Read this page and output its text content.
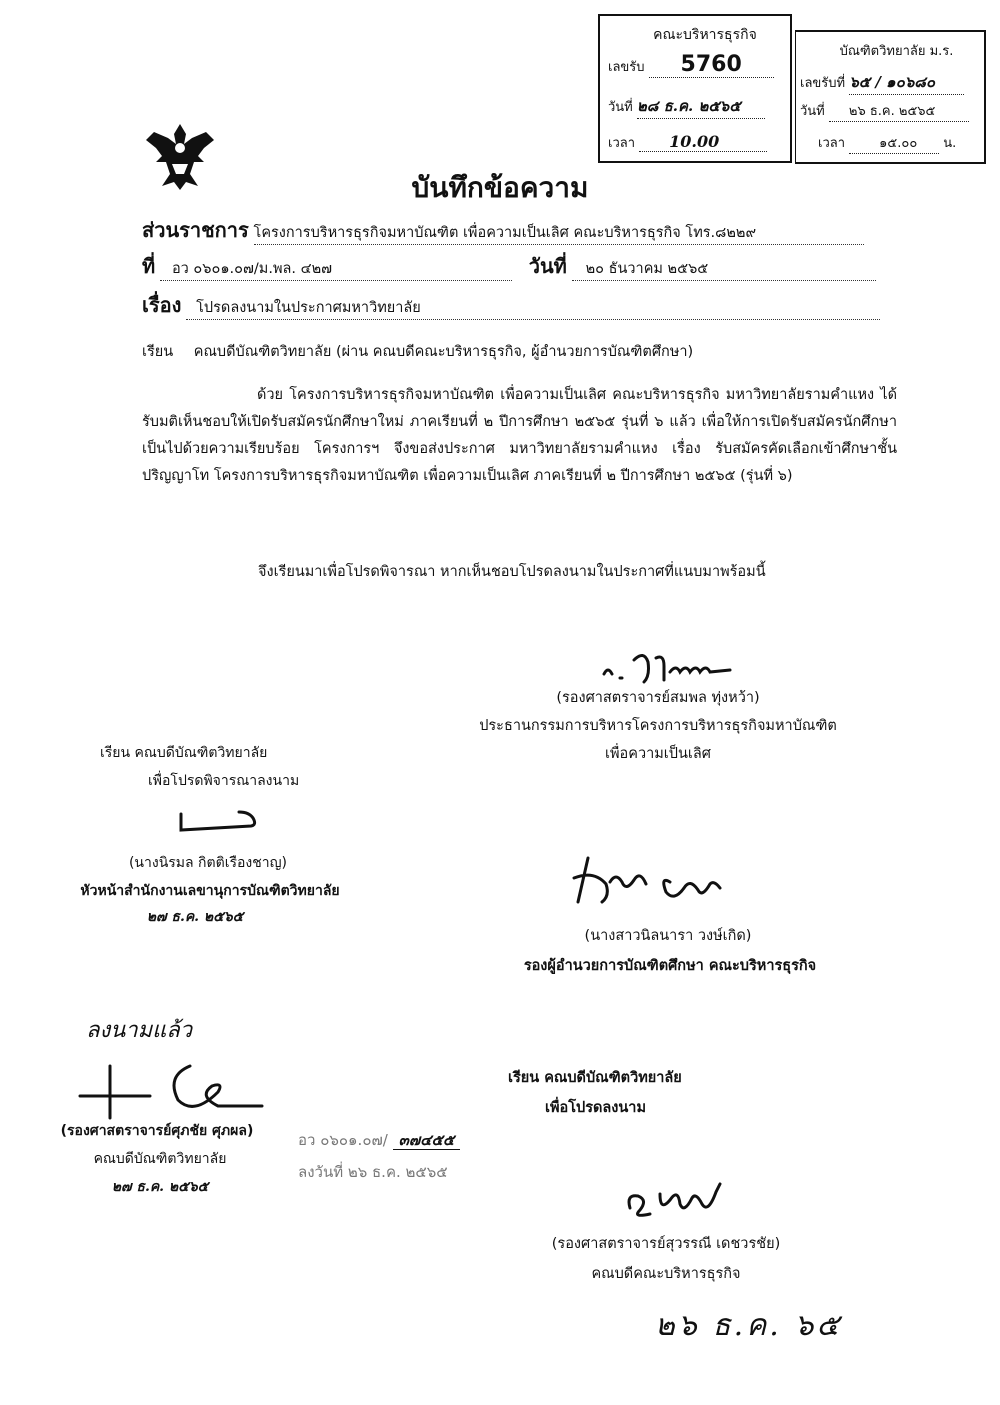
คณะบริหารธุรกิจ
เลขรับ 5760
วันที่ ๒๘ ธ.ค. ๒๕๖๕
เวลา 10.00
บัณฑิตวิทยาลัย ม.ร.
เลขรับที่ ๖๕ / ๑๐๖๘๐
วันที่ ๒๖ ธ.ค. ๒๕๖๕
เวลา	๑๕.๐๐ น.
บันทึกข้อความ
ส่วนราชการ โครงการบริหารธุรกิจมหาบัณฑิต เพื่อความเป็นเลิศ คณะบริหารธุรกิจ โทร.๘๒๒๙
ที่ อว ๐๖๐๑.๐๗/ม.พล. ๔๒๗	วันที่ ๒๐ ธันวาคม ๒๕๖๕
เรื่อง โปรดลงนามในประกาศมหาวิทยาลัย
เรียน คณบดีบัณฑิตวิทยาลัย (ผ่าน คณบดีคณะบริหารธุรกิจ, ผู้อำนวยการบัณฑิตศึกษา)
ด้วย โครงการบริหารธุรกิจมหาบัณฑิต เพื่อความเป็นเลิศ คณะบริหารธุรกิจ มหาวิทยาลัยรามคำแหง ได้รับมติเห็นชอบให้เปิดรับสมัครนักศึกษาใหม่ ภาคเรียนที่ ๒ ปีการศึกษา ๒๕๖๕ รุ่นที่ ๖ แล้ว เพื่อให้การเปิดรับสมัครนักศึกษาเป็นไปด้วยความเรียบร้อย โครงการฯ จึงขอส่งประกาศ มหาวิทยาลัยรามคำแหง เรื่อง รับสมัครคัดเลือกเข้าศึกษาชั้นปริญญาโท โครงการบริหารธุรกิจมหาบัณฑิต เพื่อความเป็นเลิศ ภาคเรียนที่ ๒ ปีการศึกษา ๒๕๖๕ (รุ่นที่ ๖)
จึงเรียนมาเพื่อโปรดพิจารณา หากเห็นชอบโปรดลงนามในประกาศที่แนบมาพร้อมนี้
(รองศาสตราจารย์สมพล ทุ่งหว้า)
ประธานกรรมการบริหารโครงการบริหารธุรกิจมหาบัณฑิต
เพื่อความเป็นเลิศ
เรียน คณบดีบัณฑิตวิทยาลัย
เพื่อโปรดพิจารณาลงนาม
(นางนิรมล กิตติเรืองชาญ)
หัวหน้าสำนักงานเลขานุการบัณฑิตวิทยาลัย
๒๗ ธ.ค. ๒๕๖๕
(นางสาวนิลนารา วงษ์เกิด)
รองผู้อำนวยการบัณฑิตศึกษา คณะบริหารธุรกิจ
ลงนามแล้ว
(รองศาสตราจารย์ศุภชัย ศุภผล)
คณบดีบัณฑิตวิทยาลัย
๒๗ ธ.ค. ๒๕๖๕
อว ๐๖๐๑.๐๗/ ๓๗๔๕๕
ลงวันที่ ๒๖ ธ.ค. ๒๕๖๕
เรียน คณบดีบัณฑิตวิทยาลัย
เพื่อโปรดลงนาม
(รองศาสตราจารย์สุวรรณี เดชวรชัย)
คณบดีคณะบริหารธุรกิจ
๒๖ ธ.ค. ๖๕
